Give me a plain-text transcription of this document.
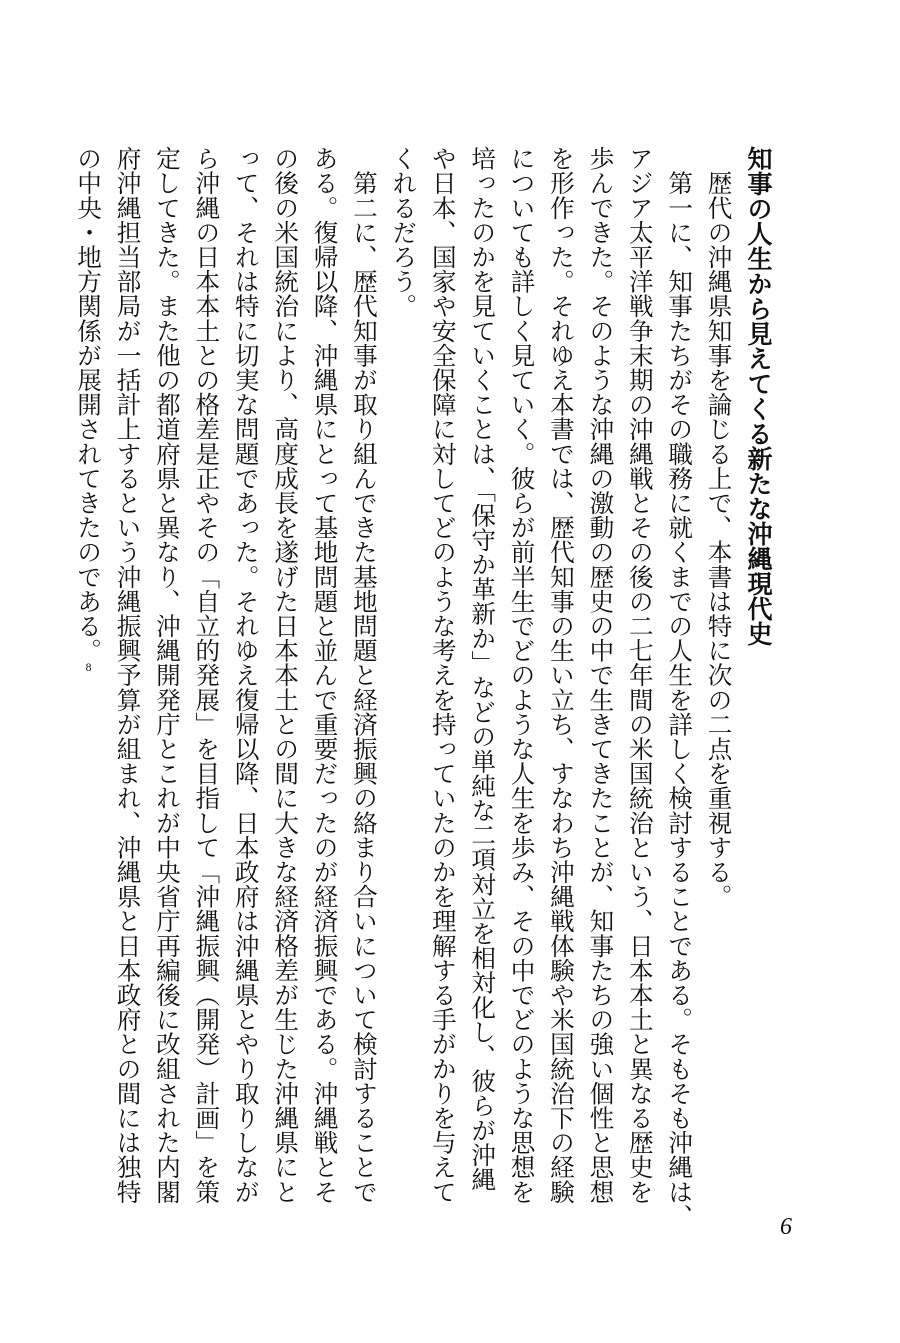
知事の人生から見えてくる新たな沖縄現代史
　歴代の沖縄県知事を論じる上で、本書は特に次の二点を重視する。
　第一に、知事たちがその職務に就くまでの人生を詳しく検討することである。そもそも沖縄は、
アジア太平洋戦争末期の沖縄戦とその後の二七年間の米国統治という、日本本土と異なる歴史を
歩んできた。そのような沖縄の激動の歴史の中で生きてきたことが、知事たちの強い個性と思想
を形作った。それゆえ本書では、歴代知事の生い立ち、すなわち沖縄戦体験や米国統治下の経験
についても詳しく見ていく。彼らが前半生でどのような人生を歩み、その中でどのような思想を
培ったのかを見ていくことは、「保守か革新か」などの単純な二項対立を相対化し、彼らが沖縄
や日本、国家や安全保障に対してどのような考えを持っていたのかを理解する手がかりを与えて
くれるだろう。
　第二に、歴代知事が取り組んできた基地問題と経済振興の絡まり合いについて検討することで
ある。復帰以降、沖縄県にとって基地問題と並んで重要だったのが経済振興である。沖縄戦とそ
の後の米国統治により、高度成長を遂げた日本本土との間に大きな経済格差が生じた沖縄県にと
って、それは特に切実な問題であった。それゆえ復帰以降、日本政府は沖縄県とやり取りしなが
ら沖縄の日本本土との格差是正やその「自立的発展」を目指して「沖縄振興（開発）計画」を策
定してきた。また他の都道府県と異なり、沖縄開発庁とこれが中央省庁再編後に改組された内閣
府沖縄担当部局が一括計上するという沖縄振興予算が組まれ、沖縄県と日本政府との間には独特
の中央・地方関係が展開されてきたのである。8
6
